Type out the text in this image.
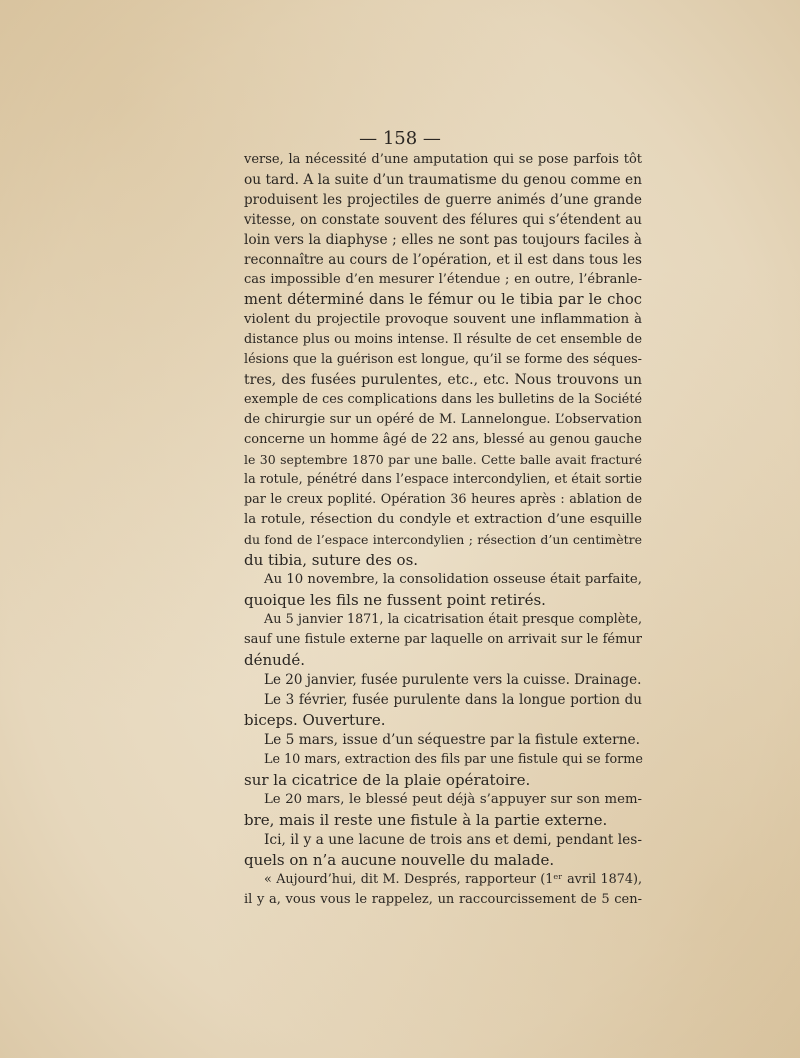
— 158 —
verse, la nécessité d’une amputation qui se pose parfois tôt
ou tard. A la suite d’un traumatisme du genou comme en
produisent les projectiles de guerre animés d’une grande
vitesse, on constate souvent des félures qui s’étendent au
loin vers la diaphyse ; elles ne sont pas toujours faciles à
reconnaître au cours de l’opération, et il est dans tous les
cas impossible d’en mesurer l’étendue ; en outre, l’ébranle-
ment déterminé dans le fémur ou le tibia par le choc
violent du projectile provoque souvent une inflammation à
distance plus ou moins intense. Il résulte de cet ensemble de
lésions que la guérison est longue, qu’il se forme des séques-
tres, des fusées purulentes, etc., etc. Nous trouvons un
exemple de ces complications dans les bulletins de la Société
de chirurgie sur un opéré de M. Lannelongue. L’observation
concerne un homme âgé de 22 ans, blessé au genou gauche
le 30 septembre 1870 par une balle. Cette balle avait fracturé
la rotule, pénétré dans l’espace intercondylien, et était sortie
par le creux poplité. Opération 36 heures après : ablation de
la rotule, résection du condyle et extraction d’une esquille
du fond de l’espace intercondylien ; résection d’un centimètre
du tibia, suture des os.
Au 10 novembre, la consolidation osseuse était parfaite,
quoique les fils ne fussent point retirés.
Au 5 janvier 1871, la cicatrisation était presque complète,
sauf une fistule externe par laquelle on arrivait sur le fémur
dénudé.
Le 20 janvier, fusée purulente vers la cuisse. Drainage.
Le 3 février, fusée purulente dans la longue portion du
biceps. Ouverture.
Le 5 mars, issue d’un séquestre par la fistule externe.
Le 10 mars, extraction des fils par une fistule qui se forme
sur la cicatrice de la plaie opératoire.
Le 20 mars, le blessé peut déjà s’appuyer sur son mem-
bre, mais il reste une fistule à la partie externe.
Ici, il y a une lacune de trois ans et demi, pendant les-
quels on n’a aucune nouvelle du malade.
« Aujourd’hui, dit M. Després, rapporteur (1ᵉʳ avril 1874),
il y a, vous vous le rappelez, un raccourcissement de 5 cen-
